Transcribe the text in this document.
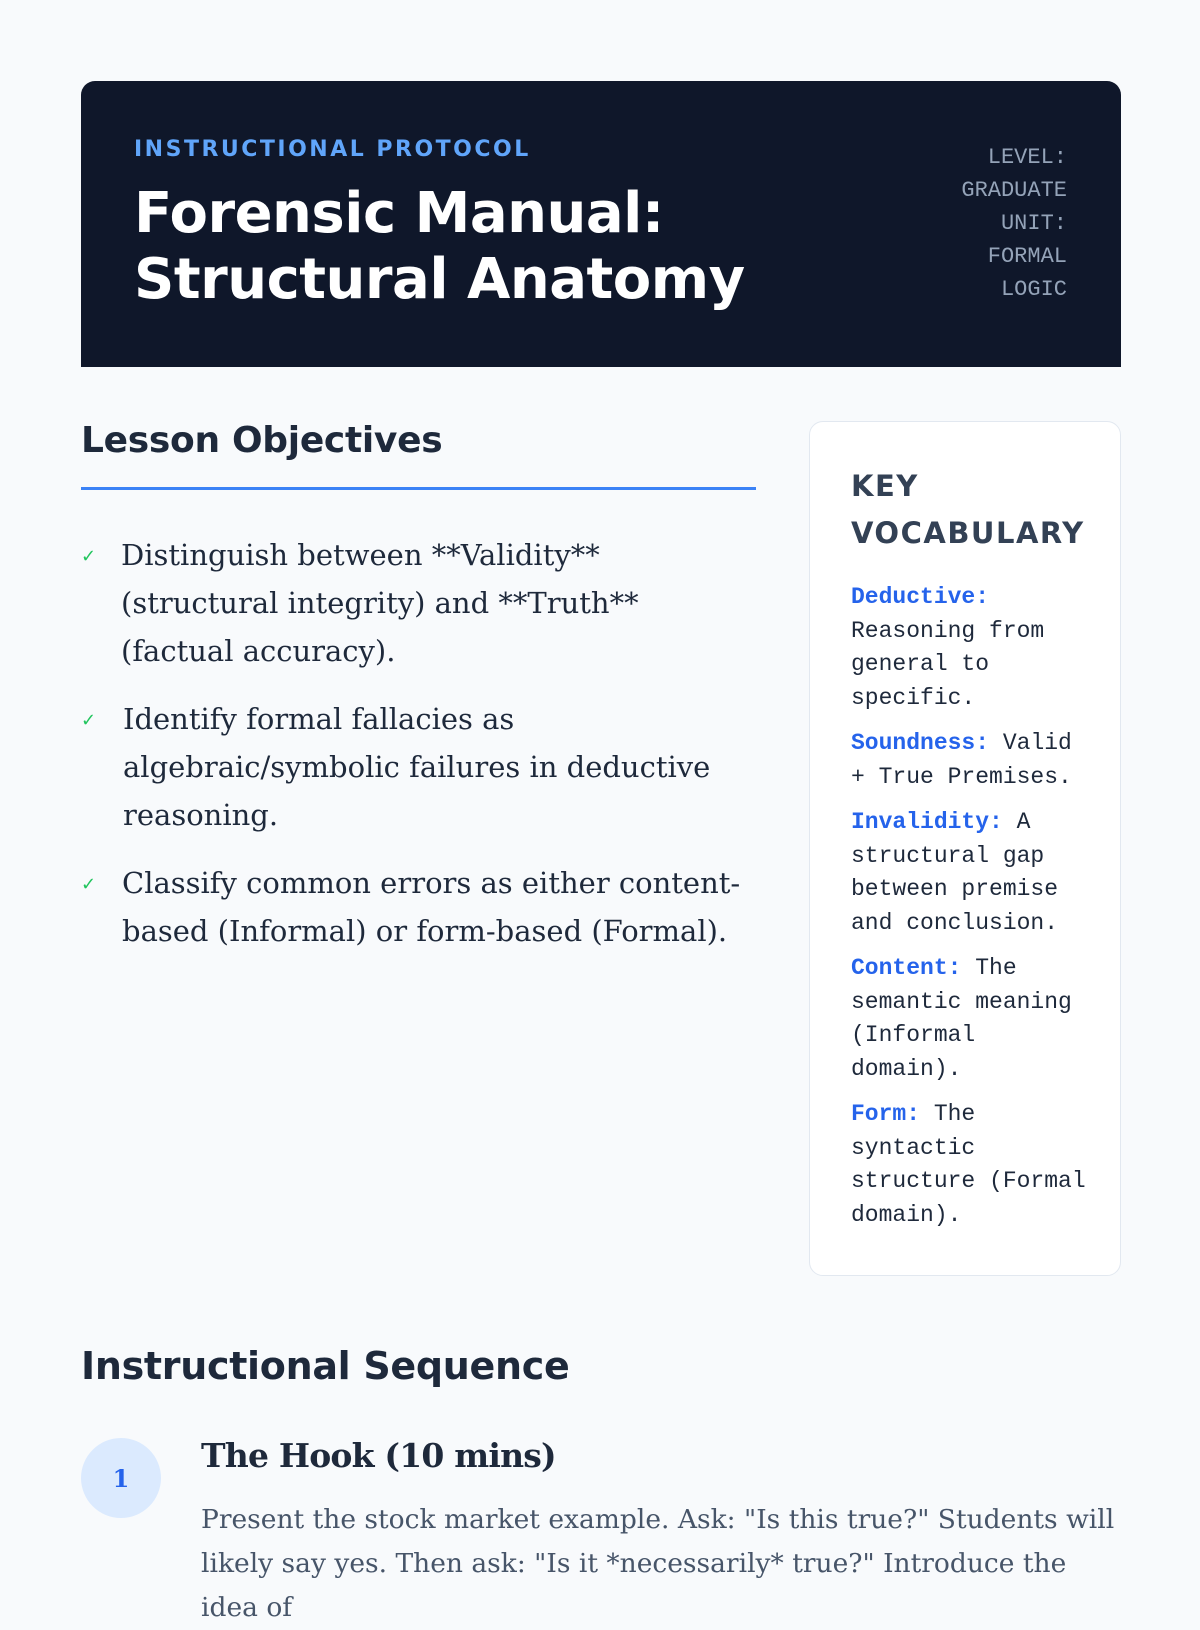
INSTRUCTIONAL PROTOCOL
Forensic Manual: Structural Anatomy
LEVEL:
GRADUATE
UNIT:
FORMAL
LOGIC
Lesson Objectives
✓ Distinguish between **Validity** (structural integrity) and **Truth** (factual accuracy).
✓ Identify formal fallacies as algebraic/symbolic failures in deductive reasoning.
✓ Classify common errors as either content-based (Informal) or form-based (Formal).
KEY VOCABULARY

Deductive: Reasoning from general to specific.

Soundness: Valid + True Premises.

Invalidity: A structural gap between premise and conclusion.

Content: The semantic meaning (Informal domain).

Form: The syntactic structure (Formal domain).

Instructional Sequence
1
The Hook (10 mins)

Present the stock market example. Ask: "Is this true?" Students will likely say yes. Then ask: "Is it *necessarily* true?" Introduce the idea of
